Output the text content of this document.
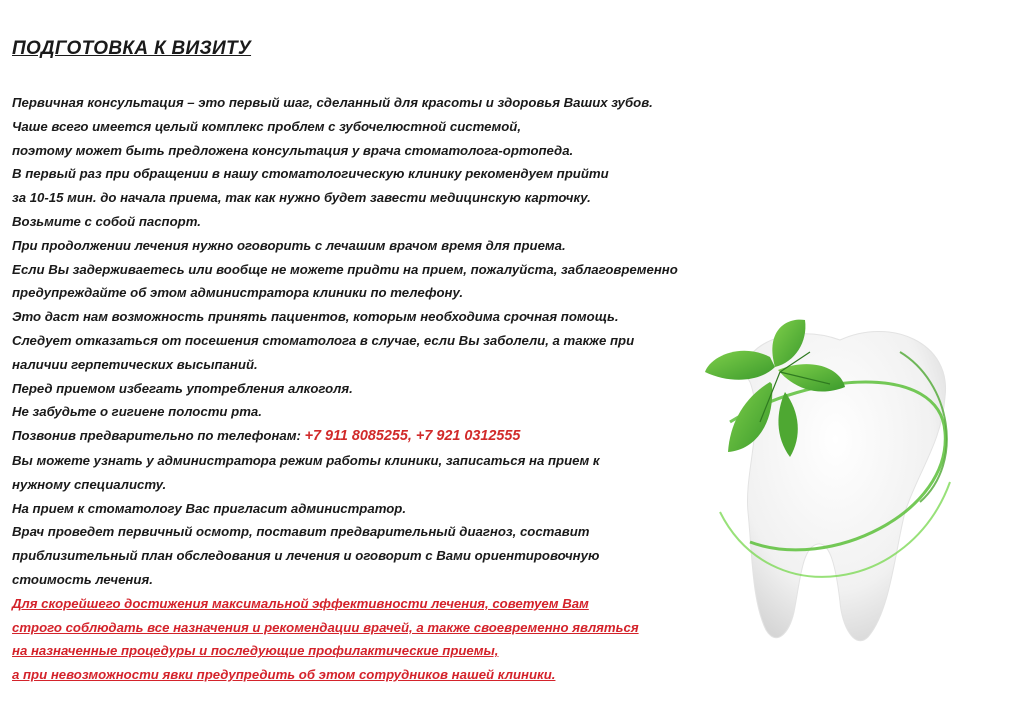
ПОДГОТОВКА К ВИЗИТУ
Первичная консультация – это первый шаг, сделанный для красоты и здоровья Ваших зубов.
Чаше всего имеется целый комплекс проблем с зубочелюстной системой,
поэтому может быть предложена консультация у врача стоматолога-ортопеда.
В первый раз при обращении в нашу стоматологическую клинику рекомендуем прийти
за 10-15 мин. до начала приема, так как нужно будет завести медицинскую карточку.
Возьмите с собой паспорт.
При продолжении лечения нужно оговорить с лечашим врачом время для приема.
Если Вы задерживаетесь или вообще не можете придти на прием, пожалуйста, заблаговременно
предупреждайте об этом администратора клиники по телефону.
Это даст нам возможность принять пациентов, которым необходима срочная помощь.
Следует отказаться от посешения стоматолога в случае, если Вы заболели, а также при
наличии герпетических высыпаний.
Перед приемом избегать употребления алкоголя.
Не забудьте о гигиене полости рта.
Позвонив предварительно по телефонам: +7 911 8085255, +7 921 0312555
Вы можете узнать у администратора режим работы клиники, записаться на прием к
нужному специалисту.
На прием к стоматологу Вас пригласит администратор.
Врач проведет первичный осмотр, поставит предварительный диагноз, составит
приблизительный план обследования и лечения и оговорит с Вами ориентировочную
стоимость лечения.
Для скорейшего достижения максимальной эффективности лечения, советуем Вам
строго соблюдать все назначения и рекомендации врачей, а также своевременно являться
на назначенные процедуры и последующие профилактические приемы,
а при невозможности явки предупредить об этом сотрудников нашей клиники.
